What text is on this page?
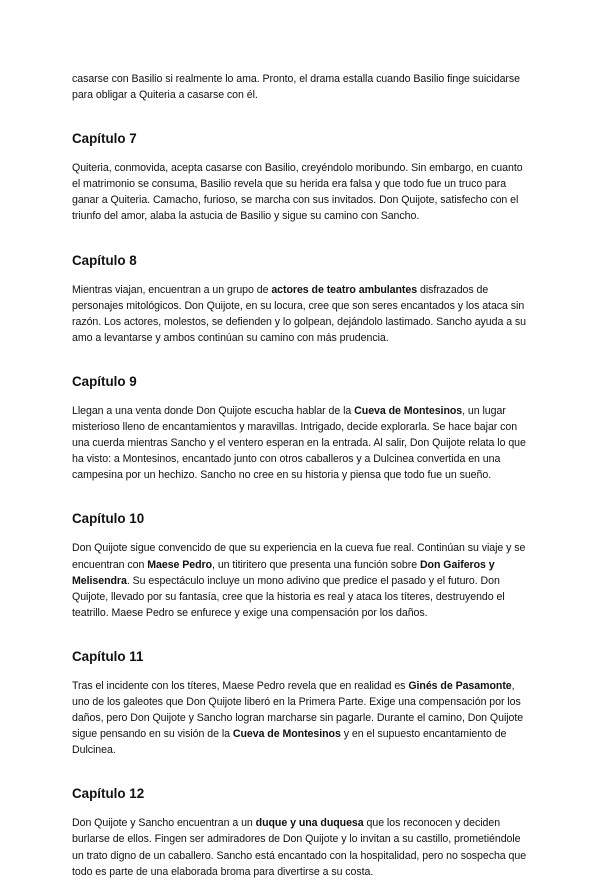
casarse con Basilio si realmente lo ama. Pronto, el drama estalla cuando Basilio finge suicidarse para obligar a Quiteria a casarse con él.

Capítulo 7

Quiteria, conmovida, acepta casarse con Basilio, creyéndolo moribundo. Sin embargo, en cuanto el matrimonio se consuma, Basilio revela que su herida era falsa y que todo fue un truco para ganar a Quiteria. Camacho, furioso, se marcha con sus invitados. Don Quijote, satisfecho con el triunfo del amor, alaba la astucia de Basilio y sigue su camino con Sancho.

Capítulo 8

Mientras viajan, encuentran a un grupo de actores de teatro ambulantes disfrazados de personajes mitológicos. Don Quijote, en su locura, cree que son seres encantados y los ataca sin razón. Los actores, molestos, se defienden y lo golpean, dejándolo lastimado. Sancho ayuda a su amo a levantarse y ambos continúan su camino con más prudencia.

Capítulo 9

Llegan a una venta donde Don Quijote escucha hablar de la Cueva de Montesinos, un lugar misterioso lleno de encantamientos y maravillas. Intrigado, decide explorarla. Se hace bajar con una cuerda mientras Sancho y el ventero esperan en la entrada. Al salir, Don Quijote relata lo que ha visto: a Montesinos, encantado junto con otros caballeros y a Dulcinea convertida en una campesina por un hechizo. Sancho no cree en su historia y piensa que todo fue un sueño.

Capítulo 10

Don Quijote sigue convencido de que su experiencia en la cueva fue real. Continúan su viaje y se encuentran con Maese Pedro, un titiritero que presenta una función sobre Don Gaiferos y Melisendra. Su espectáculo incluye un mono adivino que predice el pasado y el futuro. Don Quijote, llevado por su fantasía, cree que la historia es real y ataca los títeres, destruyendo el teatrillo. Maese Pedro se enfurece y exige una compensación por los daños.

Capítulo 11

Tras el incidente con los títeres, Maese Pedro revela que en realidad es Ginés de Pasamonte, uno de los galeotes que Don Quijote liberó en la Primera Parte. Exige una compensación por los daños, pero Don Quijote y Sancho logran marcharse sin pagarle. Durante el camino, Don Quijote sigue pensando en su visión de la Cueva de Montesinos y en el supuesto encantamiento de Dulcinea.

Capítulo 12

Don Quijote y Sancho encuentran a un duque y una duquesa que los reconocen y deciden burlarse de ellos. Fingen ser admiradores de Don Quijote y lo invitan a su castillo, prometiéndole un trato digno de un caballero. Sancho está encantado con la hospitalidad, pero no sospecha que todo es parte de una elaborada broma para divertirse a su costa.
